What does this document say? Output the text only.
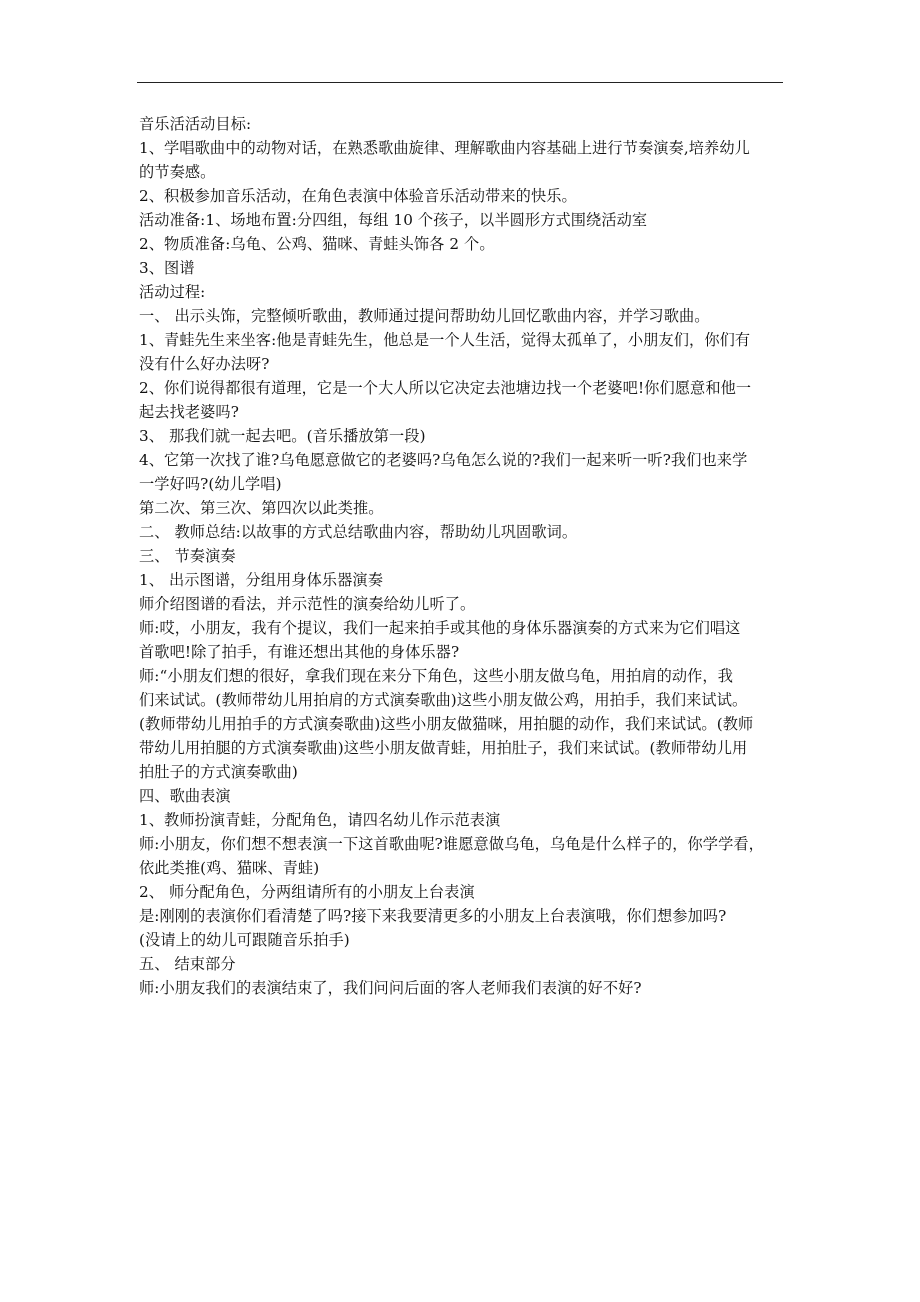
音乐活活动目标:
1、学唱歌曲中的动物对话，在熟悉歌曲旋律、理解歌曲内容基础上进行节奏演奏,培养幼儿
的节奏感。
2、积极参加音乐活动，在角色表演中体验音乐活动带来的快乐。
活动准备:1、场地布置:分四组，每组 10 个孩子，以半圆形方式围绕活动室
2、物质准备:乌龟、公鸡、猫咪、青蛙头饰各 2 个。
3、图谱
活动过程:
一、 出示头饰，完整倾听歌曲，教师通过提问帮助幼儿回忆歌曲内容，并学习歌曲。
1、青蛙先生来坐客:他是青蛙先生，他总是一个人生活，觉得太孤单了，小朋友们，你们有
没有什么好办法呀?
2、你们说得都很有道理，它是一个大人所以它决定去池塘边找一个老婆吧!你们愿意和他一
起去找老婆吗?
3、 那我们就一起去吧。(音乐播放第一段)
4、它第一次找了谁?乌龟愿意做它的老婆吗?乌龟怎么说的?我们一起来听一听?我们也来学
一学好吗?(幼儿学唱)
第二次、第三次、第四次以此类推。
二、 教师总结:以故事的方式总结歌曲内容，帮助幼儿巩固歌词。
三、 节奏演奏
1、 出示图谱，分组用身体乐器演奏
师介绍图谱的看法，并示范性的演奏给幼儿听了。
师:哎，小朋友，我有个提议，我们一起来拍手或其他的身体乐器演奏的方式来为它们唱这
首歌吧!除了拍手，有谁还想出其他的身体乐器?
师:“小朋友们想的很好，拿我们现在来分下角色，这些小朋友做乌龟，用拍肩的动作，我
们来试试。(教师带幼儿用拍肩的方式演奏歌曲)这些小朋友做公鸡，用拍手，我们来试试。
(教师带幼儿用拍手的方式演奏歌曲)这些小朋友做猫咪，用拍腿的动作，我们来试试。(教师
带幼儿用拍腿的方式演奏歌曲)这些小朋友做青蛙，用拍肚子，我们来试试。(教师带幼儿用
拍肚子的方式演奏歌曲)
四、歌曲表演
1、教师扮演青蛙，分配角色，请四名幼儿作示范表演
师:小朋友，你们想不想表演一下这首歌曲呢?谁愿意做乌龟，乌龟是什么样子的，你学学看，
依此类推(鸡、猫咪、青蛙)
2、 师分配角色，分两组请所有的小朋友上台表演
是:刚刚的表演你们看清楚了吗?接下来我要清更多的小朋友上台表演哦，你们想参加吗?
(没请上的幼儿可跟随音乐拍手)
五、 结束部分
师:小朋友我们的表演结束了，我们问问后面的客人老师我们表演的好不好?
